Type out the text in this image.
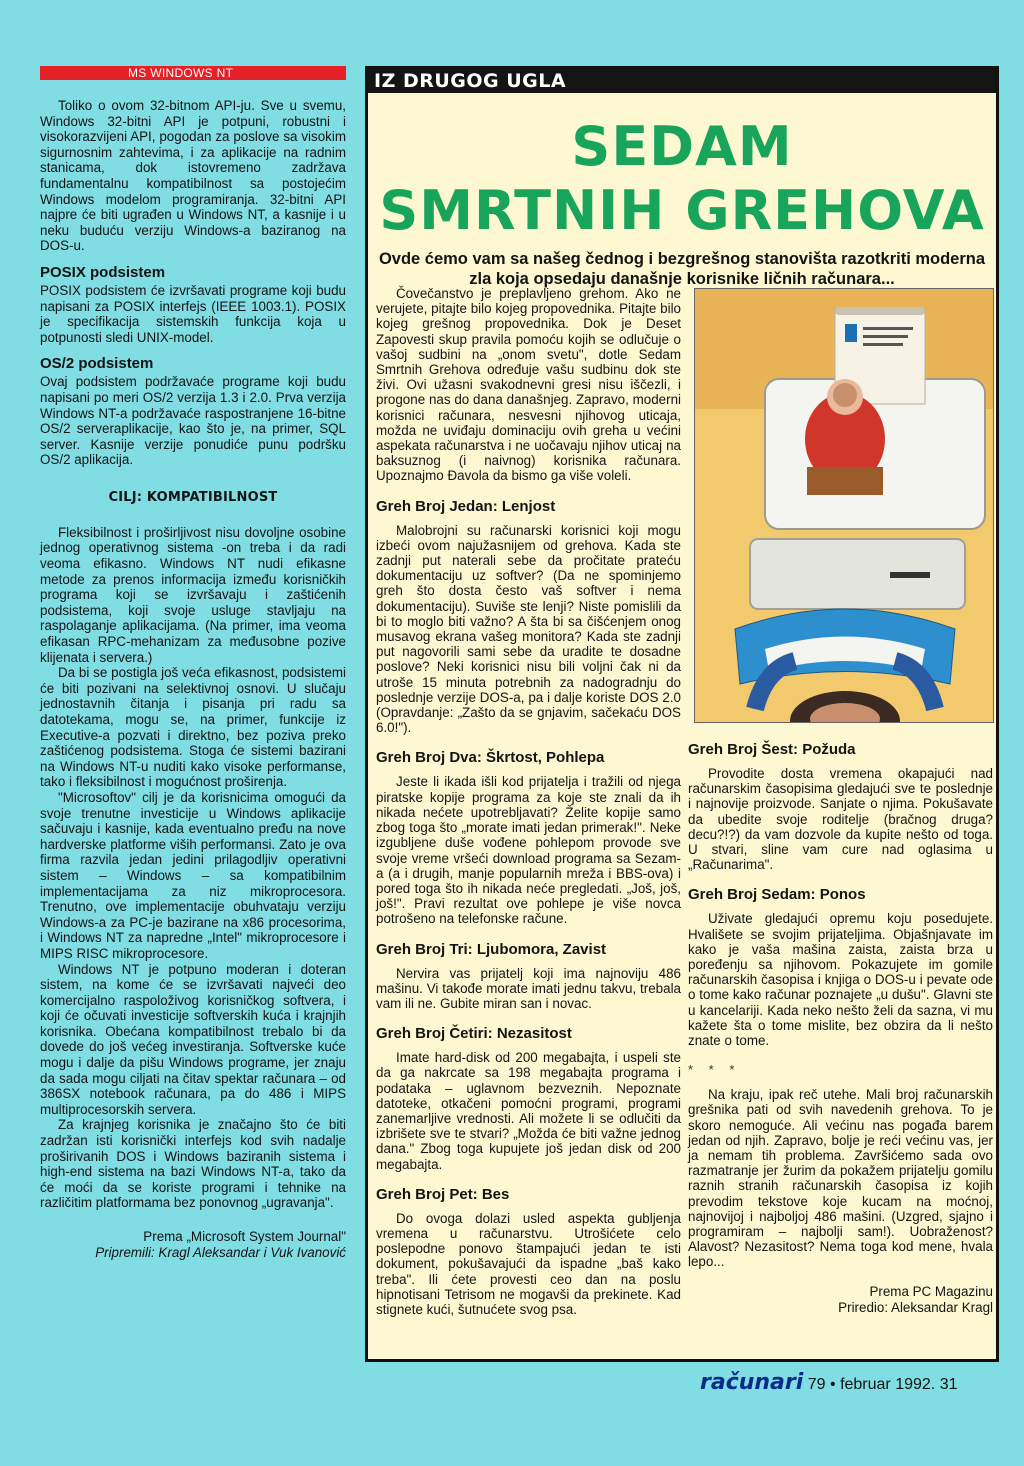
MS WINDOWS NT

Toliko o ovom 32-bitnom API-ju. Sve u svemu, Windows 32-bitni API je potpuni, robustni i visokorazvijeni API, pogodan za poslove sa visokim sigurnosnim zahtevima, i za aplikacije na radnim stanicama, dok istovremeno zadržava fundamentalnu kompatibilnost sa postojećim Windows modelom programiranja. 32-bitni API najpre će biti ugrađen u Windows NT, a kasnije i u neku buduću verziju Windows-a baziranog na DOS-u.

POSIX podsistem

POSIX podsistem će izvršavati programe koji budu napisani za POSIX interfejs (IEEE 1003.1). POSIX je specifikacija sistemskih funkcija koja u potpunosti sledi UNIX-model.

OS/2 podsistem

Ovaj podsistem podržavaće programe koji budu napisani po meri OS/2 verzija 1.3 i 2.0. Prva verzija Windows NT-a podržavaće raspostranjene 16-bitne OS/2 serveraplikacije, kao što je, na primer, SQL server. Kasnije verzije ponudiće punu podršku OS/2 aplikacija.

CILJ: KOMPATIBILNOST

Fleksibilnost i proširljivost nisu dovoljne osobine jednog operativnog sistema -on treba i da radi veoma efikasno. Windows NT nudi efikasne metode za prenos informacija između korisničkih programa koji se izvršavaju i zaštićenih podsistema, koji svoje usluge stavljaju na raspolaganje aplikacijama. (Na primer, ima veoma efikasan RPC-mehanizam za međusobne pozive klijenata i servera.)

Da bi se postigla još veća efikasnost, podsistemi će biti pozivani na selektivnoj osnovi. U slučaju jednostavnih čitanja i pisanja pri radu sa datotekama, mogu se, na primer, funkcije iz Executive-a pozvati i direktno, bez poziva preko zaštićenog podsistema. Stoga će sistemi bazirani na Windows NT-u nuditi kako visoke performanse, tako i fleksibilnost i mogućnost proširenja.

"Microsoftov" cilj je da korisnicima omogući da svoje trenutne investicije u Windows aplikacije sačuvaju i kasnije, kada eventualno pređu na nove hardverske platforme viših performansi. Zato je ova firma razvila jedan jedini prilagodljiv operativni sistem – Windows – sa kompatibilnim implementacijama za niz mikroprocesora. Trenutno, ove implementacije obuhvataju verziju Windows-a za PC-je bazirane na x86 procesorima, i Windows NT za napredne „Intel" mikroprocesore i MIPS RISC mikroprocesore.

Windows NT je potpuno moderan i doteran sistem, na kome će se izvršavati najveći deo komercijalno raspoloživog korisničkog softvera, i koji će očuvati investicije softverskih kuća i krajnjih korisnika. Obećana kompatibilnost trebalo bi da dovede do još većeg investiranja. Softverske kuće mogu i dalje da pišu Windows programe, jer znaju da sada mogu ciljati na čitav spektar računara – od 386SX notebook računara, pa do 486 i MIPS multiprocesorskih servera.

Za krajnjeg korisnika je značajno što će biti zadržan isti korisnički interfejs kod svih nadalje proširivanih DOS i Windows baziranih sistema i high-end sistema na bazi Windows NT-a, tako da će moći da se koriste programi i tehnike na različitim platformama bez ponovnog „ugravanja".

Prema „Microsoft System Journal"
Pripremili: Kragl Aleksandar i Vuk Ivanović
IZ DRUGOG UGLA
SEDAM
SMRTNIH GREHOVA
Ovde ćemo vam sa našeg čednog i bezgrešnog stanovišta razotkriti moderna zla koja opsedaju današnje korisnike ličnih računara...

Čovečanstvo je preplavljeno grehom. Ako ne verujete, pitajte bilo kojeg propovednika. Pitajte bilo kojeg grešnog propovednika. Dok je Deset Zapovesti skup pravila pomoću kojih se odlučuje o vašoj sudbini na „onom svetu", dotle Sedam Smrtnih Grehova određuje vašu sudbinu dok ste živi. Ovi užasni svakodnevni gresi nisu iščezli, i progone nas do dana današnjeg. Zapravo, moderni korisnici računara, nesvesni njihovog uticaja, možda ne uviđaju dominaciju ovih greha u većini aspekata računarstva i ne uočavaju njihov uticaj na baksuznog (i naivnog) korisnika računara. Upoznajmo Đavola da bismo ga više voleli.

Greh Broj Jedan: Lenjost

Malobrojni su računarski korisnici koji mogu izbeći ovom najužasnijem od grehova. Kada ste zadnji put naterali sebe da pročitate prateću dokumentaciju uz softver? (Da ne spominjemo greh što dosta često vaš softver i nema dokumentaciju). Suviše ste lenji? Niste pomislili da bi to moglo biti važno? A šta bi sa čišćenjem onog musavog ekrana vašeg monitora? Kada ste zadnji put nagovorili sami sebe da uradite te dosadne poslove? Neki korisnici nisu bili voljni čak ni da utroše 15 minuta potrebnih za nadogradnju do poslednje verzije DOS-a, pa i dalje koriste DOS 2.0 (Opravdanje: „Zašto da se gnjavim, sačekaću DOS 6.0!").

Greh Broj Dva: Škrtost, Pohlepa

Jeste li ikada išli kod prijatelja i tražili od njega piratske kopije programa za koje ste znali da ih nikada nećete upotrebljavati? Želite kopije samo zbog toga što „morate imati jedan primerak!". Neke izgubljene duše vođene pohlepom provode sve svoje vreme vršeći download programa sa Sezam-a (a i drugih, manje popularnih mreža i BBS-ova) i pored toga što ih nikada neće pregledati. „Još, još, još!". Pravi rezultat ove pohlepe je više novca potrošeno na telefonske račune.

Greh Broj Tri: Ljubomora, Zavist

Nervira vas prijatelj koji ima najnoviju 486 mašinu. Vi takođe morate imati jednu takvu, trebala vam ili ne. Gubite miran san i novac.

Greh Broj Četiri: Nezasitost

Imate hard-disk od 200 megabajta, i uspeli ste da ga nakrcate sa 198 megabajta programa i podataka – uglavnom bezveznih. Nepoznate datoteke, otkačeni pomoćni programi, programi zanemarljive vrednosti. Ali možete li se odlučiti da izbrišete sve te stvari? „Možda će biti važne jednog dana." Zbog toga kupujete još jedan disk od 200 megabajta.

Greh Broj Pet: Bes

Do ovoga dolazi usled aspekta gubljenja vremena u računarstvu. Utrošićete celo poslepodne ponovo štampajući jedan te isti dokument, pokušavajući da ispadne „baš kako treba". Ili ćete provesti ceo dan na poslu hipnotisani Tetrisom ne mogavši da prekinete. Kad stignete kući, šutnućete svog psa.

Greh Broj Šest: Požuda

Provodite dosta vremena okapajući nad računarskim časopisima gledajući sve te poslednje i najnovije proizvode. Sanjate o njima. Pokušavate da ubedite svoje roditelje (bračnog druga? decu?!?) da vam dozvole da kupite nešto od toga. U stvari, sline vam cure nad oglasima u „Računarima".

Greh Broj Sedam: Ponos

Uživate gledajući opremu koju posedujete. Hvališete se svojim prijateljima. Objašnjavate im kako je vaša mašina zaista, zaista brza u poređenju sa njihovom. Pokazujete im gomile računarskih časopisa i knjiga o DOS-u i pevate ode o tome kako računar poznajete „u dušu". Glavni ste u kancelariji. Kada neko nešto želi da sazna, vi mu kažete šta o tome mislite, bez obzira da li nešto znate o tome.

* * *

Na kraju, ipak reč utehe. Mali broj računarskih grešnika pati od svih navedenih grehova. To je skoro nemoguće. Ali većinu nas pogađa barem jedan od njih. Zapravo, bolje je reći većinu vas, jer ja nemam tih problema. Završićemo sada ovo razmatranje jer žurim da pokažem prijatelju gomilu raznih stranih računarskih časopisa iz kojih prevodim tekstove koje kucam na moćnoj, najnovijoj i najboljoj 486 mašini. (Uzgred, sjajno i programiram – najbolji sam!). Uobraženost? Alavost? Nezasitost? Nema toga kod mene, hvala lepo...

Prema PC Magazinu
Priredio: Aleksandar Kragl
računari 79 • februar 1992. 31
